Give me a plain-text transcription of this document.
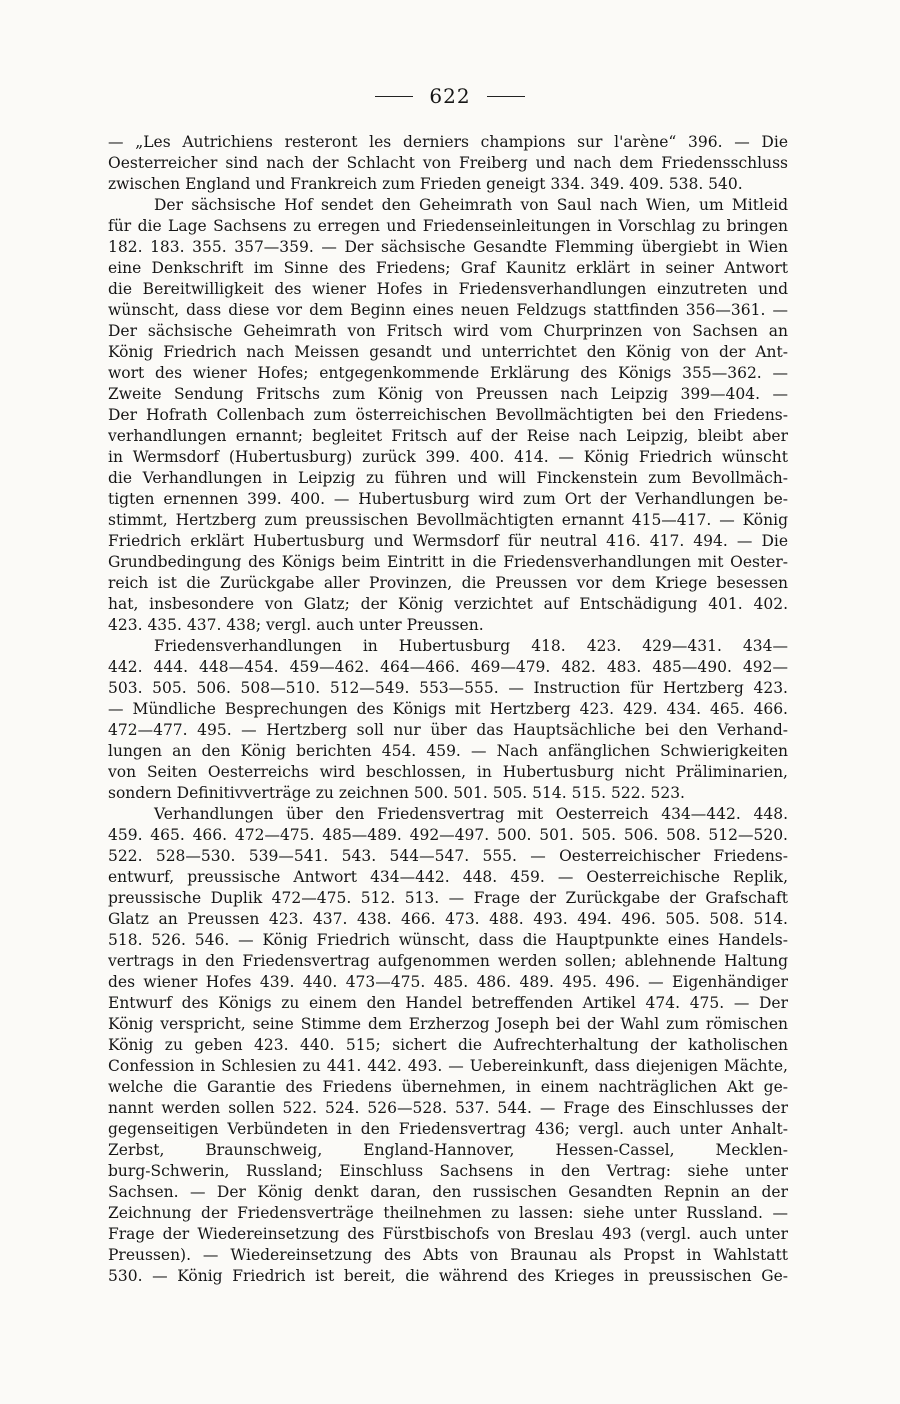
622
— „Les Autrichiens resteront les derniers champions sur l'arène“ 396. — Die
Oesterreicher sind nach der Schlacht von Freiberg und nach dem Friedensschluss
zwischen England und Frankreich zum Frieden geneigt 334. 349. 409. 538. 540.
Der sächsische Hof sendet den Geheimrath von Saul nach Wien, um Mitleid
für die Lage Sachsens zu erregen und Friedenseinleitungen in Vorschlag zu bringen
182. 183. 355. 357—359. — Der sächsische Gesandte Flemming übergiebt in Wien
eine Denkschrift im Sinne des Friedens; Graf Kaunitz erklärt in seiner Antwort
die Bereitwilligkeit des wiener Hofes in Friedensverhandlungen einzutreten und
wünscht, dass diese vor dem Beginn eines neuen Feldzugs stattfinden 356—361. —
Der sächsische Geheimrath von Fritsch wird vom Churprinzen von Sachsen an
König Friedrich nach Meissen gesandt und unterrichtet den König von der Ant-
wort des wiener Hofes; entgegenkommende Erklärung des Königs 355—362. —
Zweite Sendung Fritschs zum König von Preussen nach Leipzig 399—404. —
Der Hofrath Collenbach zum österreichischen Bevollmächtigten bei den Friedens-
verhandlungen ernannt; begleitet Fritsch auf der Reise nach Leipzig, bleibt aber
in Wermsdorf (Hubertusburg) zurück 399. 400. 414. — König Friedrich wünscht
die Verhandlungen in Leipzig zu führen und will Finckenstein zum Bevollmäch-
tigten ernennen 399. 400. — Hubertusburg wird zum Ort der Verhandlungen be-
stimmt, Hertzberg zum preussischen Bevollmächtigten ernannt 415—417. — König
Friedrich erklärt Hubertusburg und Wermsdorf für neutral 416. 417. 494. — Die
Grundbedingung des Königs beim Eintritt in die Friedensverhandlungen mit Oester-
reich ist die Zurückgabe aller Provinzen, die Preussen vor dem Kriege besessen
hat, insbesondere von Glatz; der König verzichtet auf Entschädigung 401. 402.
423. 435. 437. 438; vergl. auch unter Preussen.
Friedensverhandlungen in Hubertusburg 418. 423. 429—431. 434—
442. 444. 448—454. 459—462. 464—466. 469—479. 482. 483. 485—490. 492—
503. 505. 506. 508—510. 512—549. 553—555. — Instruction für Hertzberg 423.
— Mündliche Besprechungen des Königs mit Hertzberg 423. 429. 434. 465. 466.
472—477. 495. — Hertzberg soll nur über das Hauptsächliche bei den Verhand-
lungen an den König berichten 454. 459. — Nach anfänglichen Schwierigkeiten
von Seiten Oesterreichs wird beschlossen, in Hubertusburg nicht Präliminarien,
sondern Definitivverträge zu zeichnen 500. 501. 505. 514. 515. 522. 523.
Verhandlungen über den Friedensvertrag mit Oesterreich 434—442. 448.
459. 465. 466. 472—475. 485—489. 492—497. 500. 501. 505. 506. 508. 512—520.
522. 528—530. 539—541. 543. 544—547. 555. — Oesterreichischer Friedens-
entwurf, preussische Antwort 434—442. 448. 459. — Oesterreichische Replik,
preussische Duplik 472—475. 512. 513. — Frage der Zurückgabe der Grafschaft
Glatz an Preussen 423. 437. 438. 466. 473. 488. 493. 494. 496. 505. 508. 514.
518. 526. 546. — König Friedrich wünscht, dass die Hauptpunkte eines Handels-
vertrags in den Friedensvertrag aufgenommen werden sollen; ablehnende Haltung
des wiener Hofes 439. 440. 473—475. 485. 486. 489. 495. 496. — Eigenhändiger
Entwurf des Königs zu einem den Handel betreffenden Artikel 474. 475. — Der
König verspricht, seine Stimme dem Erzherzog Joseph bei der Wahl zum römischen
König zu geben 423. 440. 515; sichert die Aufrechterhaltung der katholischen
Confession in Schlesien zu 441. 442. 493. — Uebereinkunft, dass diejenigen Mächte,
welche die Garantie des Friedens übernehmen, in einem nachträglichen Akt ge-
nannt werden sollen 522. 524. 526—528. 537. 544. — Frage des Einschlusses der
gegenseitigen Verbündeten in den Friedensvertrag 436; vergl. auch unter Anhalt-
Zerbst, Braunschweig, England-Hannover, Hessen-Cassel, Mecklen-
burg-Schwerin, Russland; Einschluss Sachsens in den Vertrag: siehe unter
Sachsen. — Der König denkt daran, den russischen Gesandten Repnin an der
Zeichnung der Friedensverträge theilnehmen zu lassen: siehe unter Russland. —
Frage der Wiedereinsetzung des Fürstbischofs von Breslau 493 (vergl. auch unter
Preussen). — Wiedereinsetzung des Abts von Braunau als Propst in Wahlstatt
530. — König Friedrich ist bereit, die während des Krieges in preussischen Ge-
